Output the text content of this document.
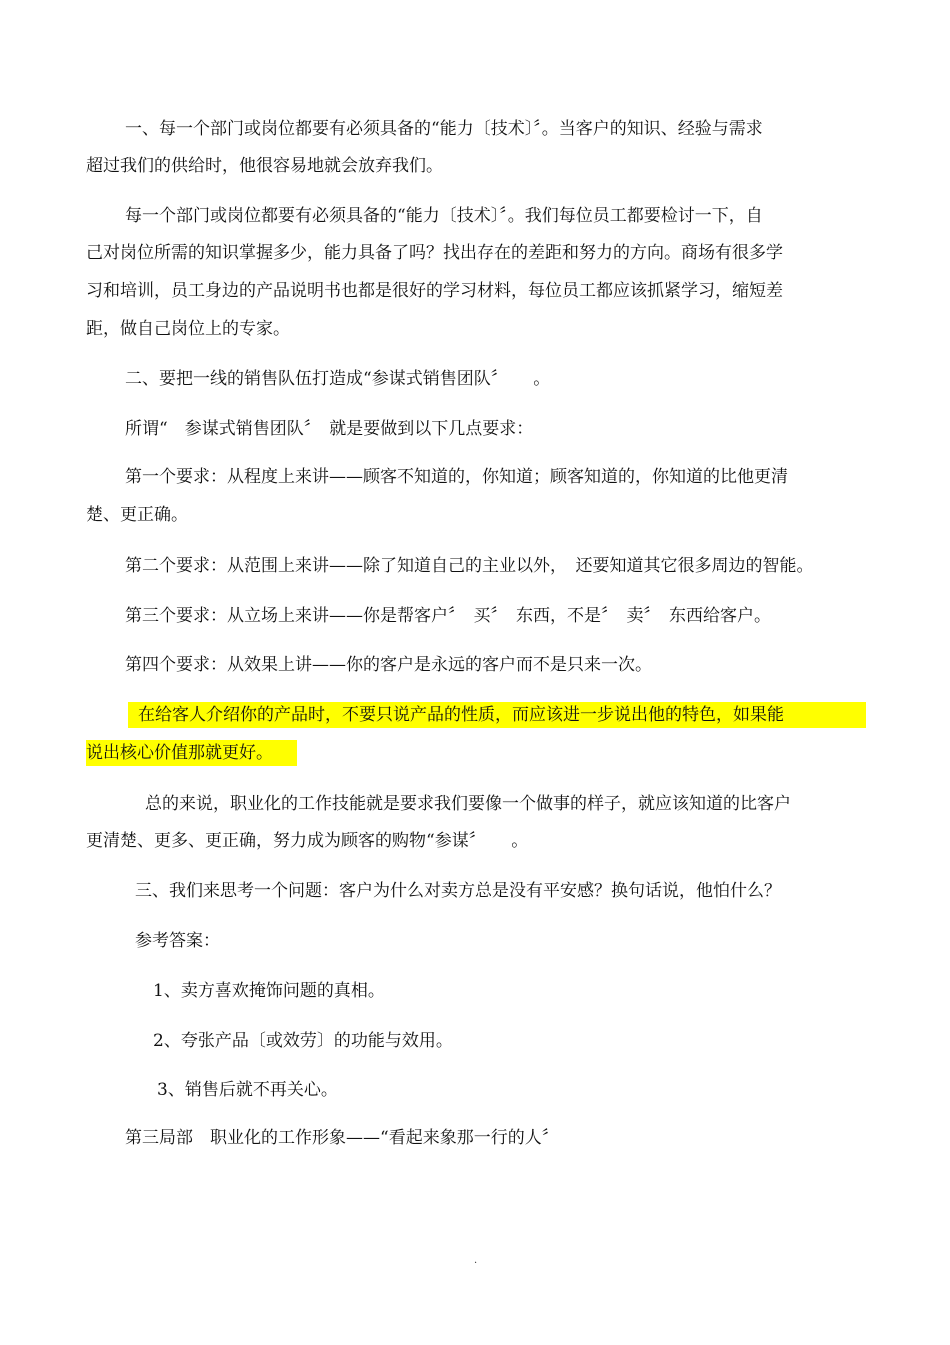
一、每一个部门或岗位都要有必须具备的“能力〔技术〕〞。当客户的知识、经验与需求
超过我们的供给时，他很容易地就会放弃我们。
每一个部门或岗位都要有必须具备的“能力〔技术〕〞。我们每位员工都要检讨一下，自
己对岗位所需的知识掌握多少，能力具备了吗？找出存在的差距和努力的方向。商场有很多学
习和培训，员工身边的产品说明书也都是很好的学习材料，每位员工都应该抓紧学习，缩短差
距，做自己岗位上的专家。
二、要把一线的销售队伍打造成“参谋式销售团队〞　　。
所谓“　参谋式销售团队〞　就是要做到以下几点要求：
第一个要求：从程度上来讲——顾客不知道的，你知道；顾客知道的，你知道的比他更清
楚、更正确。
第二个要求：从范围上来讲——除了知道自己的主业以外，　还要知道其它很多周边的智能。
第三个要求：从立场上来讲——你是帮客户〞　买〞　东西，不是〞　卖〞　东西给客户。
第四个要求：从效果上讲——你的客户是永远的客户而不是只来一次。
在给客人介绍你的产品时，不要只说产品的性质，而应该进一步说出他的特色，如果能
说出核心价值那就更好。
总的来说，职业化的工作技能就是要求我们要像一个做事的样子，就应该知道的比客户
更清楚、更多、更正确，努力成为顾客的购物“参谋〞　　。
三、我们来思考一个问题：客户为什么对卖方总是没有平安感？换句话说，他怕什么？
参考答案：
1、卖方喜欢掩饰问题的真相。
2、夸张产品〔或效劳〕的功能与效用。
3、销售后就不再关心。
第三局部　职业化的工作形象——“看起来象那一行的人〞
.
